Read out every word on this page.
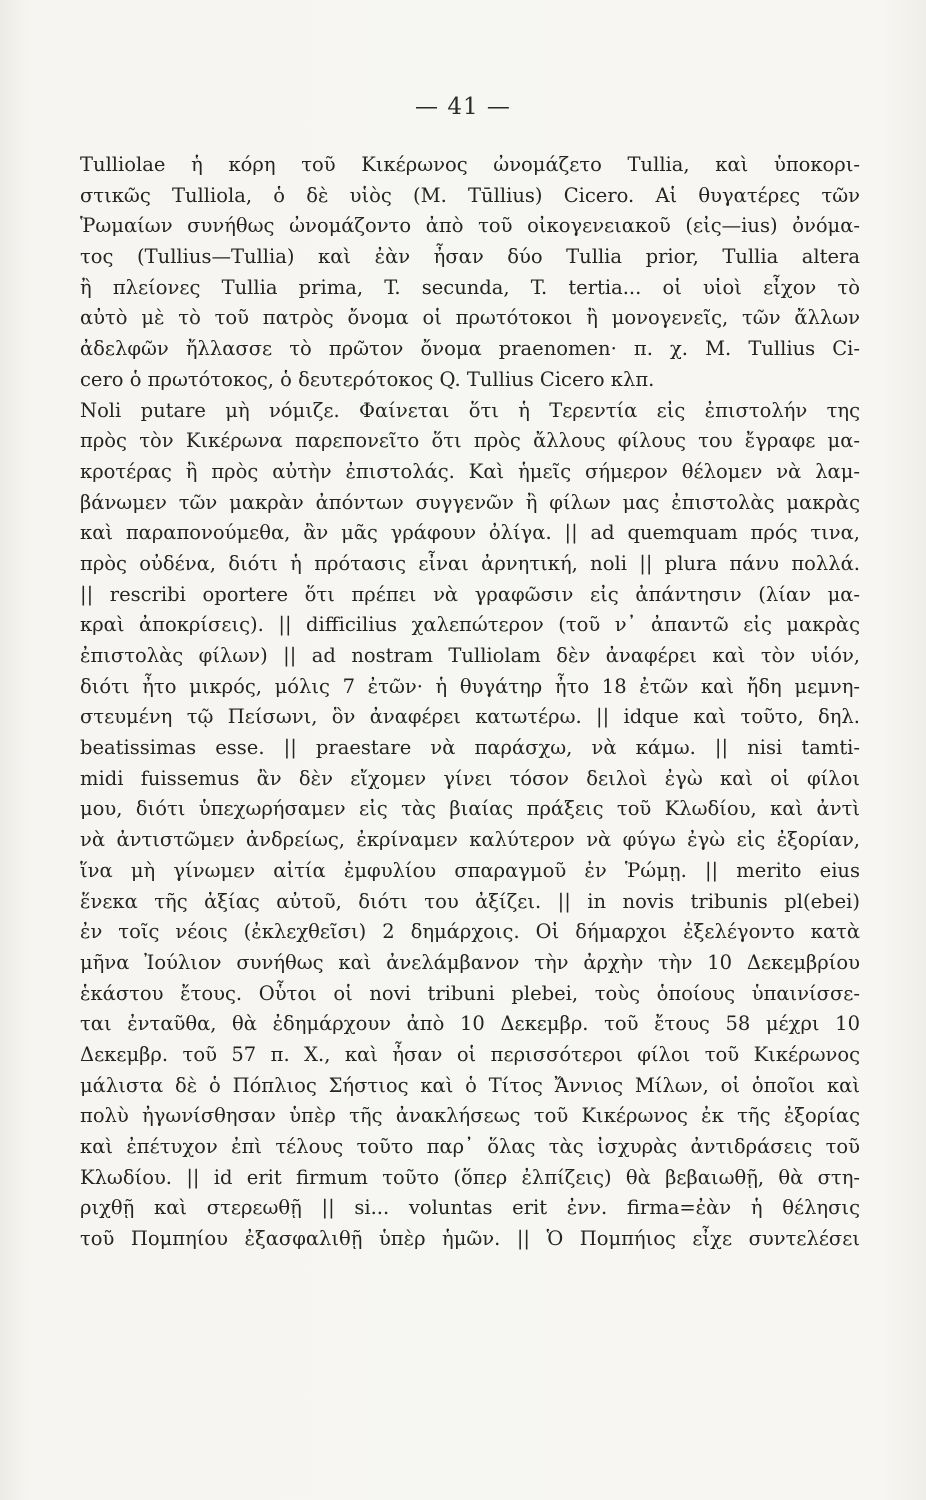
— 41 —
Tulliolae ἡ κόρη τοῦ Κικέρωνος ὠνομάζετο Tullia, καὶ ὑποκορι-
στικῶς Tulliola, ὁ δὲ υἱὸς (M. Tūllius) Cicero. Αἱ θυγατέρες τῶν
Ῥωμαίων συνήθως ὠνομάζοντο ἀπὸ τοῦ οἰκογενειακοῦ (εἰς—ius) ὀνόμα-
τος (Tullius—Tullia) καὶ ἐὰν ἦσαν δύο Tullia prior, Tullia altera
ἢ πλείονες Tullia prima, T. secunda, T. tertia... οἱ υἱοὶ εἶχον τὸ
αὐτὸ μὲ τὸ τοῦ πατρὸς ὄνομα οἱ πρωτότοκοι ἢ μονογενεῖς, τῶν ἄλλων
ἀδελφῶν ἤλλασσε τὸ πρῶτον ὄνομα praenomen· π. χ. M. Tullius Ci-
cero ὁ πρωτότοκος, ὁ δευτερότοκος Q. Tullius Cicero κλπ.
Noli putare μὴ νόμιζε. Φαίνεται ὅτι ἡ Τερεντία εἰς ἐπιστολήν της
πρὸς τὸν Κικέρωνα παρεπονεῖτο ὅτι πρὸς ἄλλους φίλους του ἔγραφε μα-
κροτέρας ἢ πρὸς αὐτὴν ἐπιστολάς. Καὶ ἡμεῖς σήμερον θέλομεν νὰ λαμ-
βάνωμεν τῶν μακρὰν ἀπόντων συγγενῶν ἢ φίλων μας ἐπιστολὰς μακρὰς
καὶ παραπονούμεθα, ἂν μᾶς γράφουν ὀλίγα. || ad quemquam πρός τινα,
πρὸς οὐδένα, διότι ἡ πρότασις εἶναι ἀρνητική, noli || plura πάνυ πολλά.
|| rescribi oportere ὅτι πρέπει νὰ γραφῶσιν εἰς ἀπάντησιν (λίαν μα-
κραὶ ἀποκρίσεις). || difficilius χαλεπώτερον (τοῦ ν᾽ ἀπαντῶ εἰς μακρὰς
ἐπιστολὰς φίλων) || ad nostram Tulliolam δὲν ἀναφέρει καὶ τὸν υἱόν,
διότι ἦτο μικρός, μόλις 7 ἐτῶν· ἡ θυγάτηρ ἦτο 18 ἐτῶν καὶ ἤδη μεμνη-
στευμένη τῷ Πείσωνι, ὃν ἀναφέρει κατωτέρω. || idque καὶ τοῦτο, δηλ.
beatissimas esse. || praestare νὰ παράσχω, νὰ κάμω. || nisi tamti-
midi fuissemus ἂν δὲν εἴχομεν γίνει τόσον δειλοὶ ἐγὼ καὶ οἱ φίλοι
μου, διότι ὑπεχωρήσαμεν εἰς τὰς βιαίας πράξεις τοῦ Κλωδίου, καὶ ἀντὶ
νὰ ἀντιστῶμεν ἀνδρείως, ἐκρίναμεν καλύτερον νὰ φύγω ἐγὼ εἰς ἐξορίαν,
ἵνα μὴ γίνωμεν αἰτία ἐμφυλίου σπαραγμοῦ ἐν Ῥώμῃ. || merito eius
ἕνεκα τῆς ἀξίας αὐτοῦ, διότι του ἀξίζει. || in novis tribunis pl(ebei)
ἐν τοῖς νέοις (ἐκλεχθεῖσι) 2 δημάρχοις. Οἱ δήμαρχοι ἐξελέγοντο κατὰ
μῆνα Ἰούλιον συνήθως καὶ ἀνελάμβανον τὴν ἀρχὴν τὴν 10 Δεκεμβρίου
ἑκάστου ἔτους. Οὗτοι οἱ novi tribuni plebei, τοὺς ὁποίους ὑπαινίσσε-
ται ἐνταῦθα, θὰ ἐδημάρχουν ἀπὸ 10 Δεκεμβρ. τοῦ ἔτους 58 μέχρι 10
Δεκεμβρ. τοῦ 57 π. Χ., καὶ ἦσαν οἱ περισσότεροι φίλοι τοῦ Κικέρωνος
μάλιστα δὲ ὁ Πόπλιος Σήστιος καὶ ὁ Τίτος Ἄννιος Μίλων, οἱ ὁποῖοι καὶ
πολὺ ἠγωνίσθησαν ὑπὲρ τῆς ἀνακλήσεως τοῦ Κικέρωνος ἐκ τῆς ἐξορίας
καὶ ἐπέτυχον ἐπὶ τέλους τοῦτο παρ᾽ ὅλας τὰς ἰσχυρὰς ἀντιδράσεις τοῦ
Κλωδίου. || id erit firmum τοῦτο (ὅπερ ἐλπίζεις) θὰ βεβαιωθῇ, θὰ στη-
ριχθῇ καὶ στερεωθῇ || si... voluntas erit ἐνν. firma=ἐὰν ἡ θέλησις
τοῦ Πομπηίου ἐξασφαλιθῇ ὑπὲρ ἡμῶν. || Ὁ Πομπήιος εἶχε συντελέσει
